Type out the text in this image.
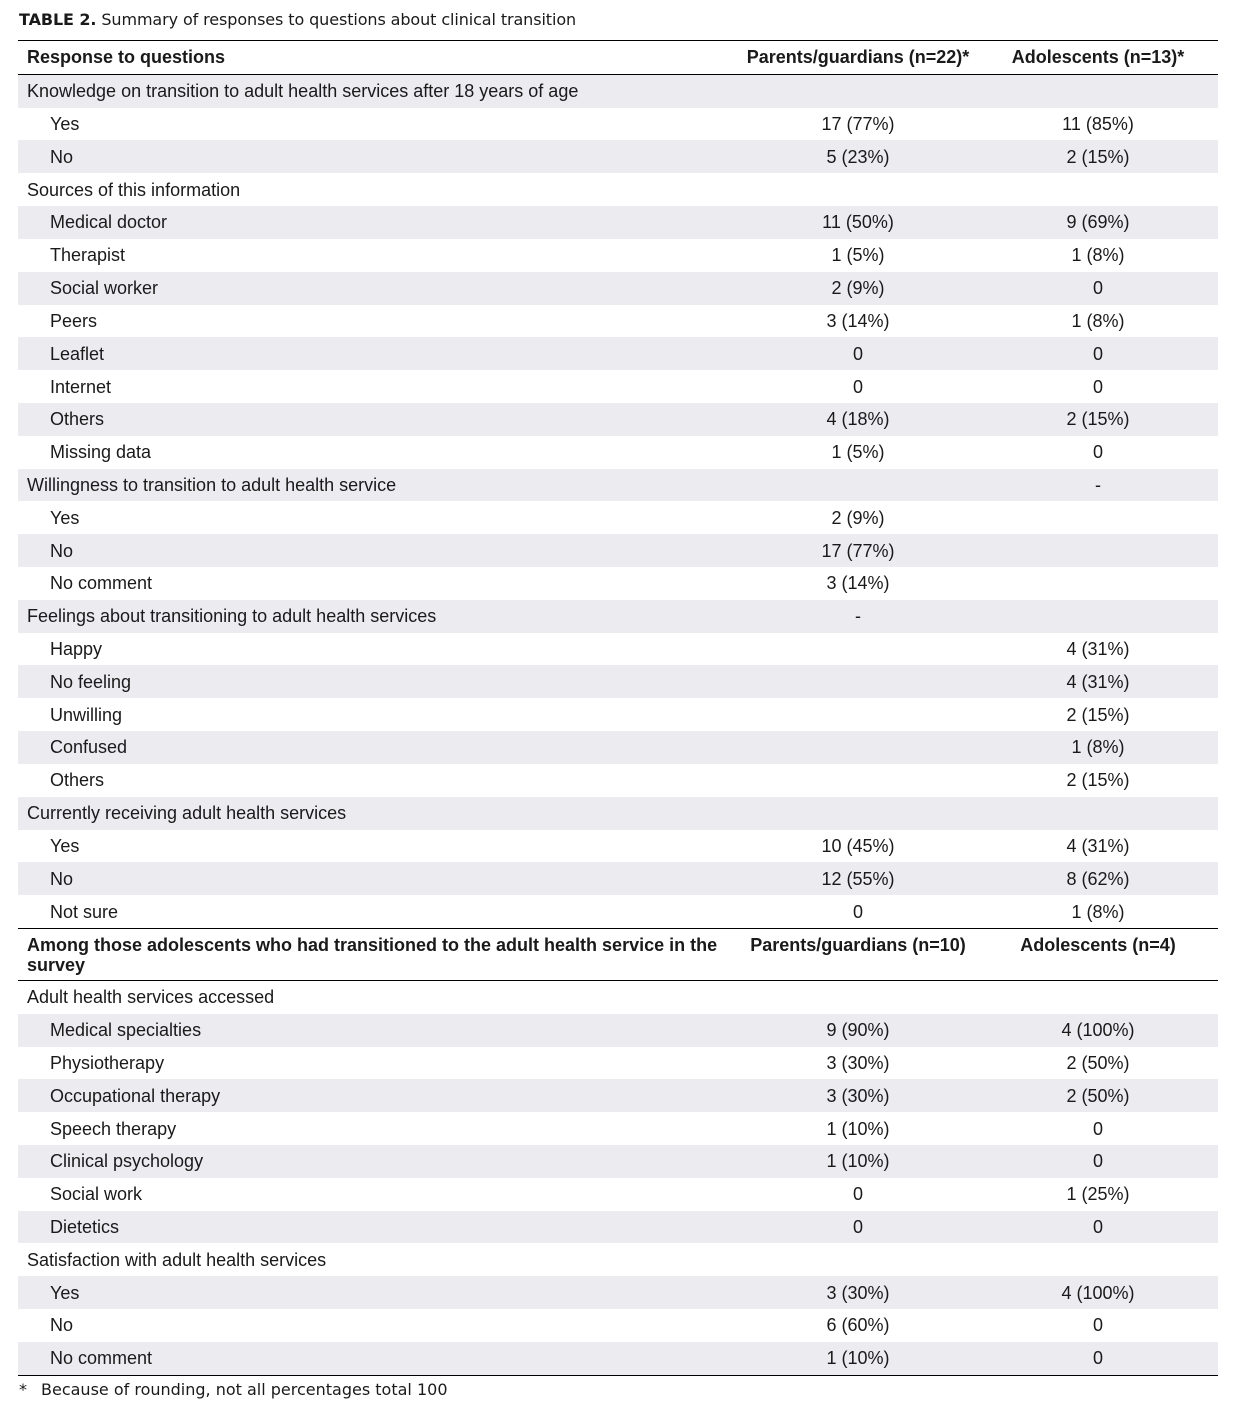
TABLE 2. Summary of responses to questions about clinical transition
Response to questions	Parents/guardians (n=22)*	Adolescents (n=13)*
Knowledge on transition to adult health services after 18 years of age		
Yes	17 (77%)	11 (85%)
No	5 (23%)	2 (15%)
Sources of this information		
Medical doctor	11 (50%)	9 (69%)
Therapist	1 (5%)	1 (8%)
Social worker	2 (9%)	0
Peers	3 (14%)	1 (8%)
Leaflet	0	0
Internet	0	0
Others	4 (18%)	2 (15%)
Missing data	1 (5%)	0
Willingness to transition to adult health service		-
Yes	2 (9%)	
No	17 (77%)	
No comment	3 (14%)	
Feelings about transitioning to adult health services	-	
Happy		4 (31%)
No feeling		4 (31%)
Unwilling		2 (15%)
Confused		1 (8%)
Others		2 (15%)
Currently receiving adult health services		
Yes	10 (45%)	4 (31%)
No	12 (55%)	8 (62%)
Not sure	0	1 (8%)
Among those adolescents who had transitioned to the adult health service in the survey	Parents/guardians (n=10)	Adolescents (n=4)
Adult health services accessed		
Medical specialties	9 (90%)	4 (100%)
Physiotherapy	3 (30%)	2 (50%)
Occupational therapy	3 (30%)	2 (50%)
Speech therapy	1 (10%)	0
Clinical psychology	1 (10%)	0
Social work	0	1 (25%)
Dietetics	0	0
Satisfaction with adult health services		
Yes	3 (30%)	4 (100%)
No	6 (60%)	0
No comment	1 (10%)	0
* Because of rounding, not all percentages total 100
